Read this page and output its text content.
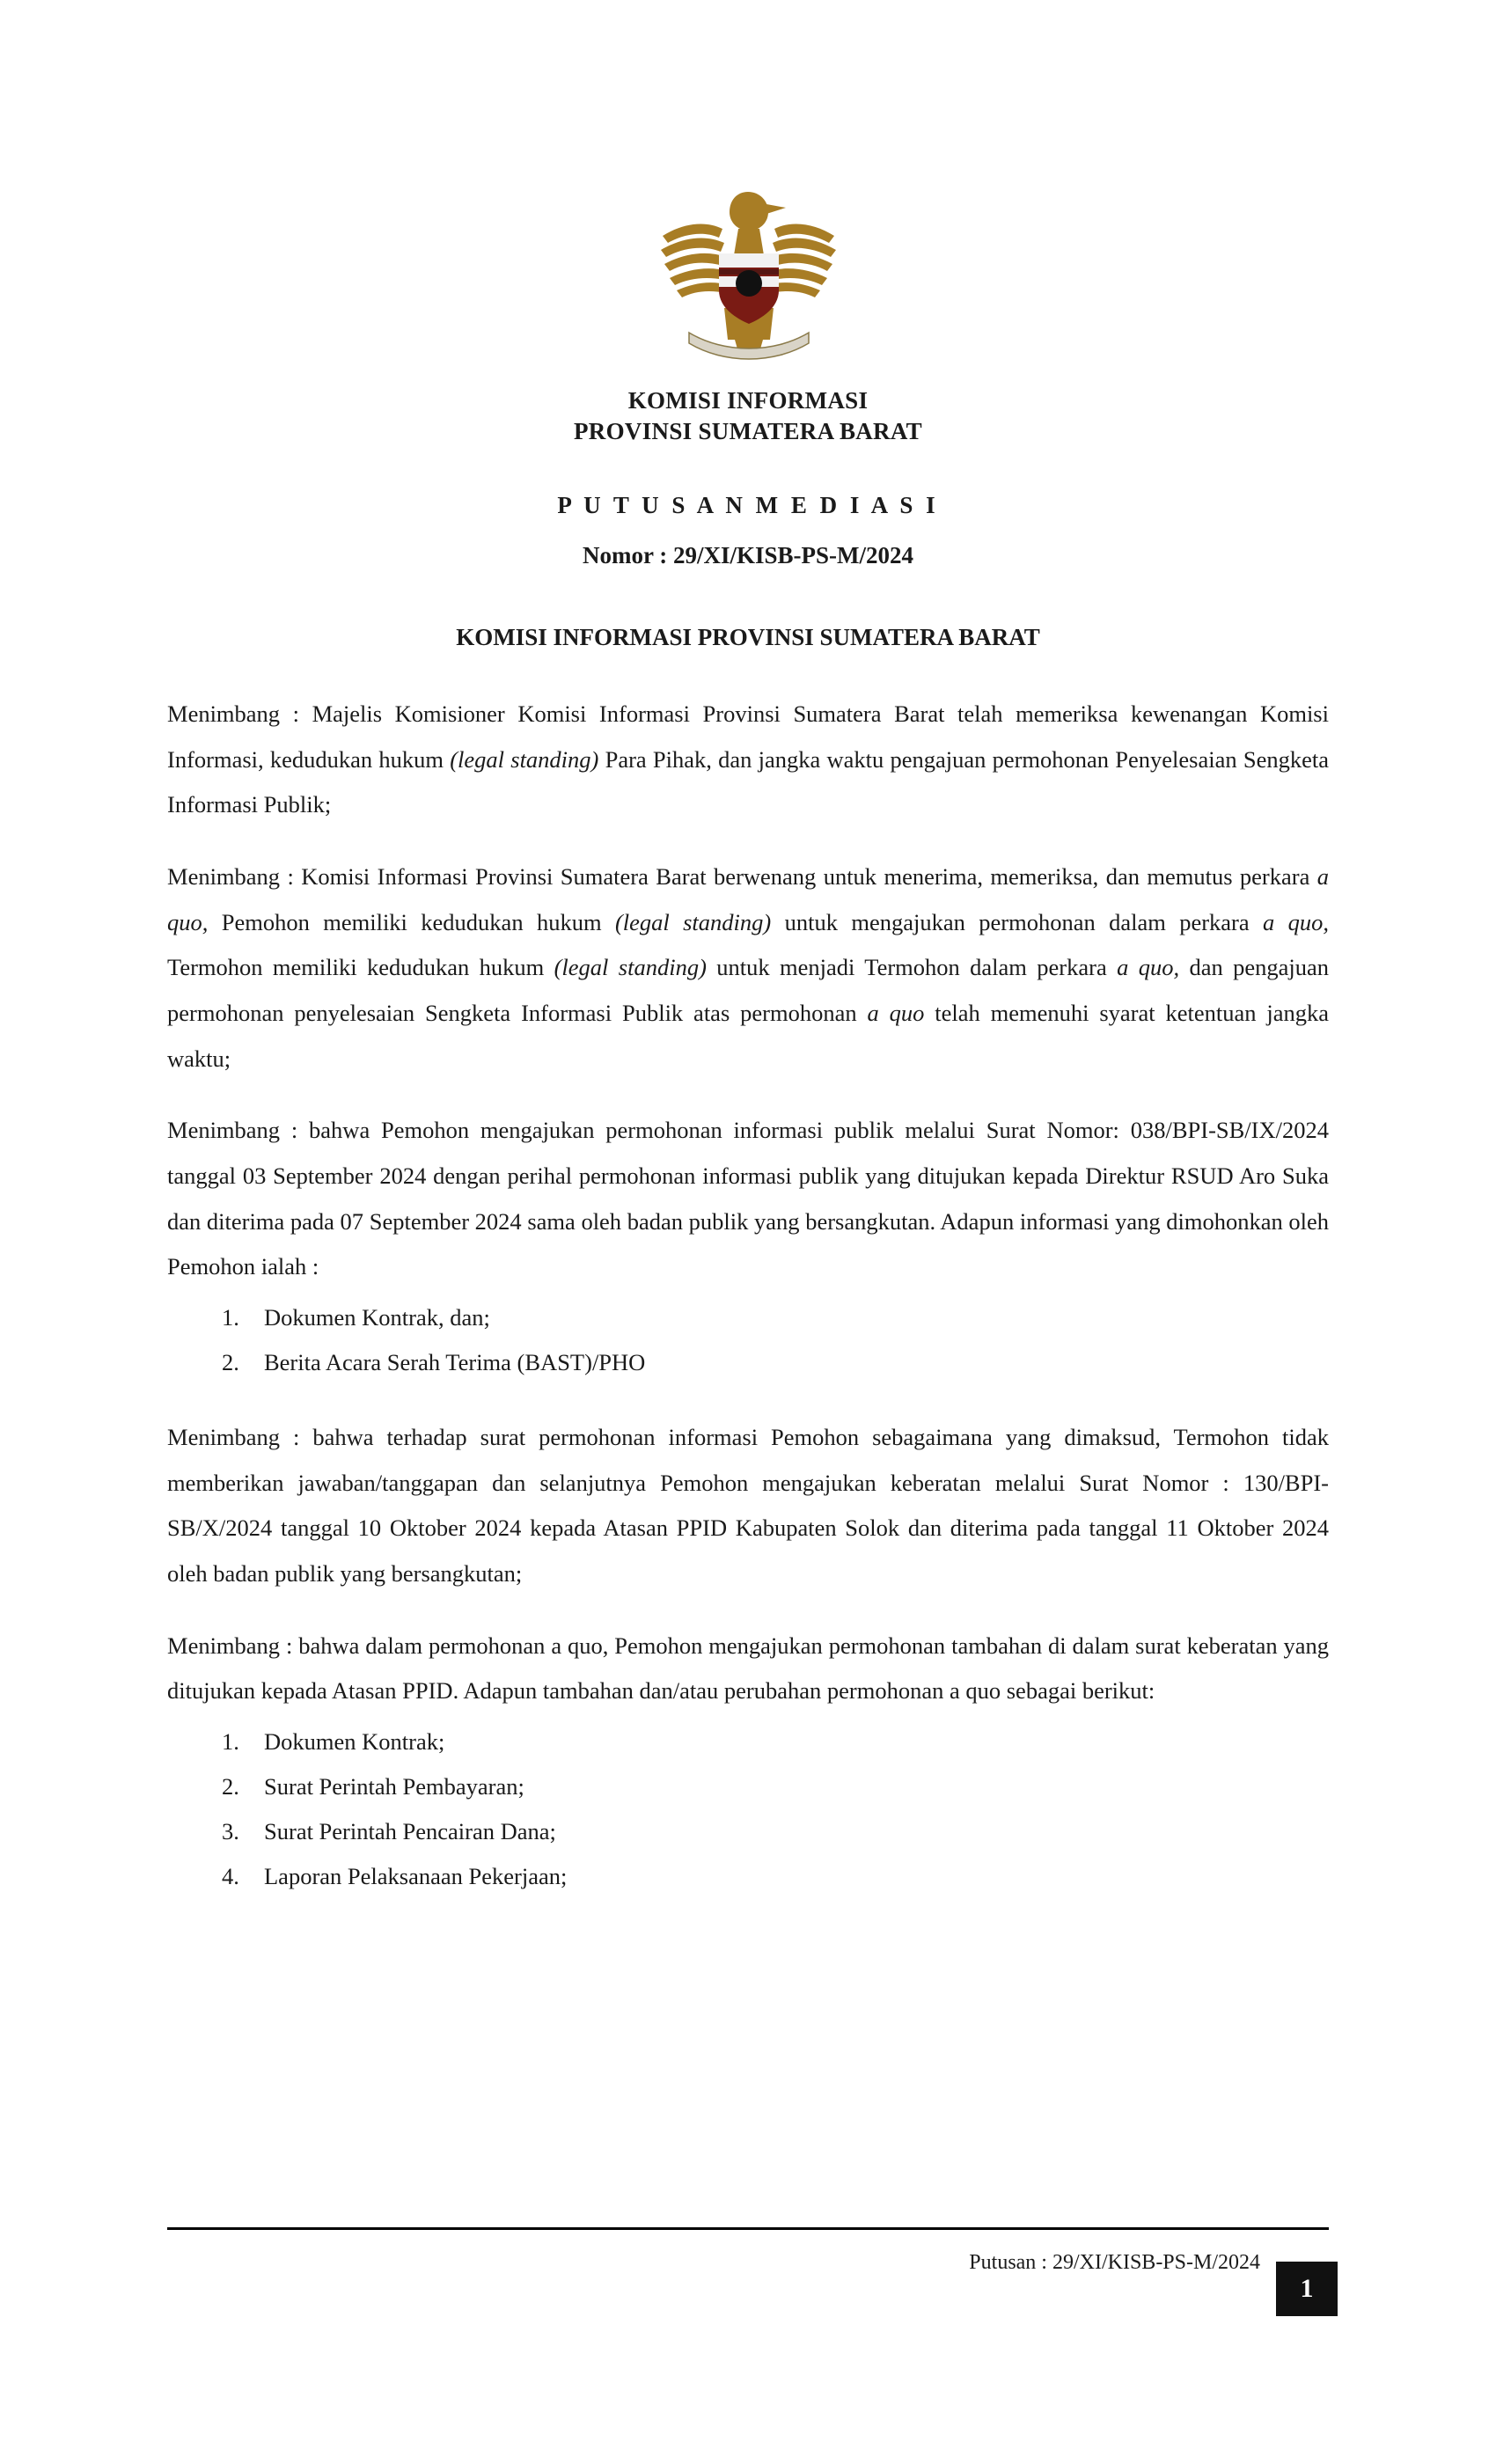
KOMISI INFORMASI
PROVINSI SUMATERA BARAT
P U T U S A N M E D I A S I
Nomor : 29/XI/KISB-PS-M/2024
KOMISI INFORMASI PROVINSI SUMATERA BARAT

Menimbang : Majelis Komisioner Komisi Informasi Provinsi Sumatera Barat telah memeriksa kewenangan Komisi Informasi, kedudukan hukum (legal standing) Para Pihak, dan jangka waktu pengajuan permohonan Penyelesaian Sengketa Informasi Publik;

Menimbang : Komisi Informasi Provinsi Sumatera Barat berwenang untuk menerima, memeriksa, dan memutus perkara a quo, Pemohon memiliki kedudukan hukum (legal standing) untuk mengajukan permohonan dalam perkara a quo, Termohon memiliki kedudukan hukum (legal standing) untuk menjadi Termohon dalam perkara a quo, dan pengajuan permohonan penyelesaian Sengketa Informasi Publik atas permohonan a quo telah memenuhi syarat ketentuan jangka waktu;

Menimbang : bahwa Pemohon mengajukan permohonan informasi publik melalui Surat Nomor: 038/BPI-SB/IX/2024 tanggal 03 September 2024 dengan perihal permohonan informasi publik yang ditujukan kepada Direktur RSUD Aro Suka dan diterima pada 07 September 2024 sama oleh badan publik yang bersangkutan. Adapun informasi yang dimohonkan oleh Pemohon ialah :

1. Dokumen Kontrak, dan;
2. Berita Acara Serah Terima (BAST)/PHO

Menimbang : bahwa terhadap surat permohonan informasi Pemohon sebagaimana yang dimaksud, Termohon tidak memberikan jawaban/tanggapan dan selanjutnya Pemohon mengajukan keberatan melalui Surat Nomor : 130/BPI-SB/X/2024 tanggal 10 Oktober 2024 kepada Atasan PPID Kabupaten Solok dan diterima pada tanggal 11 Oktober 2024 oleh badan publik yang bersangkutan;

Menimbang : bahwa dalam permohonan a quo, Pemohon mengajukan permohonan tambahan di dalam surat keberatan yang ditujukan kepada Atasan PPID. Adapun tambahan dan/atau perubahan permohonan a quo sebagai berikut:

1. Dokumen Kontrak;
2. Surat Perintah Pembayaran;
3. Surat Perintah Pencairan Dana;
4. Laporan Pelaksanaan Pekerjaan;
Putusan : 29/XI/KISB-PS-M/2024
1
